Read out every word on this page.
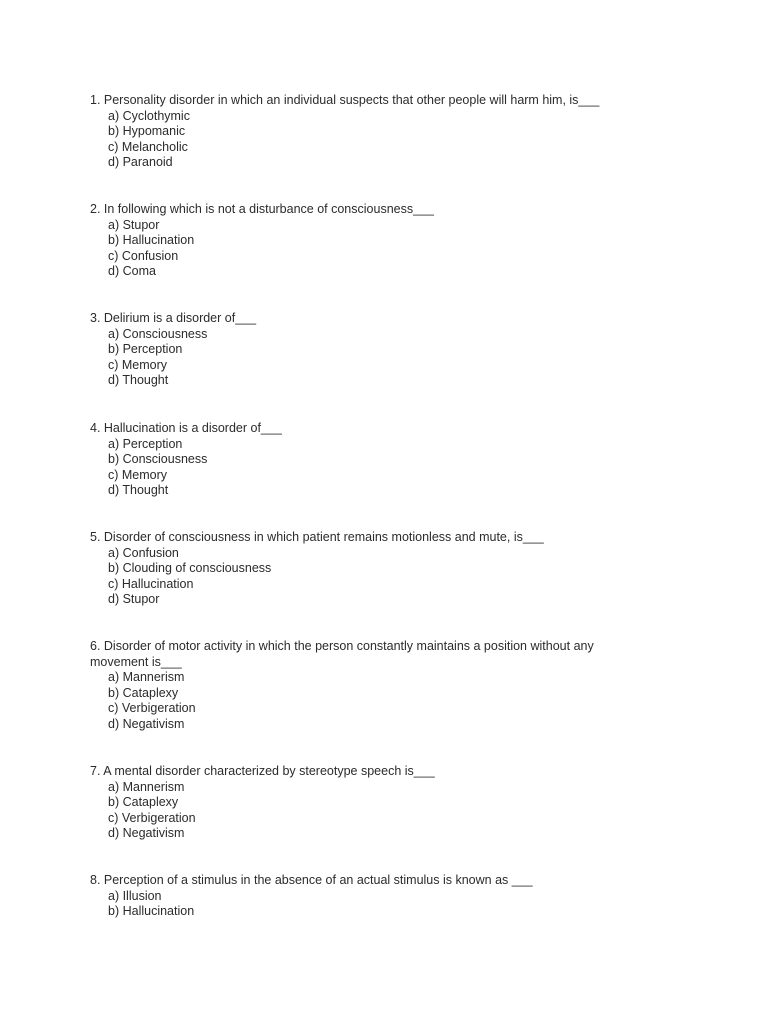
1. Personality disorder in which an individual suspects that other people will harm him, is___
a) Cyclothymic
b) Hypomanic
c) Melancholic
d) Paranoid
2. In following which is not a disturbance of consciousness___
a) Stupor
b) Hallucination
c) Confusion
d) Coma
3. Delirium is a disorder of___
a) Consciousness
b) Perception
c) Memory
d) Thought
4. Hallucination is a disorder of___
a) Perception
b) Consciousness
c) Memory
d) Thought
5. Disorder of consciousness in which patient remains motionless and mute, is___
a) Confusion
b) Clouding of consciousness
c) Hallucination
d) Stupor
6. Disorder of motor activity in which the person constantly maintains a position without any movement is___
a) Mannerism
b) Cataplexy
c) Verbigeration
d) Negativism
7. A mental disorder characterized by stereotype speech is___
a) Mannerism
b) Cataplexy
c) Verbigeration
d) Negativism
8. Perception of a stimulus in the absence of an actual stimulus is known as ___
a) Illusion
b) Hallucination
